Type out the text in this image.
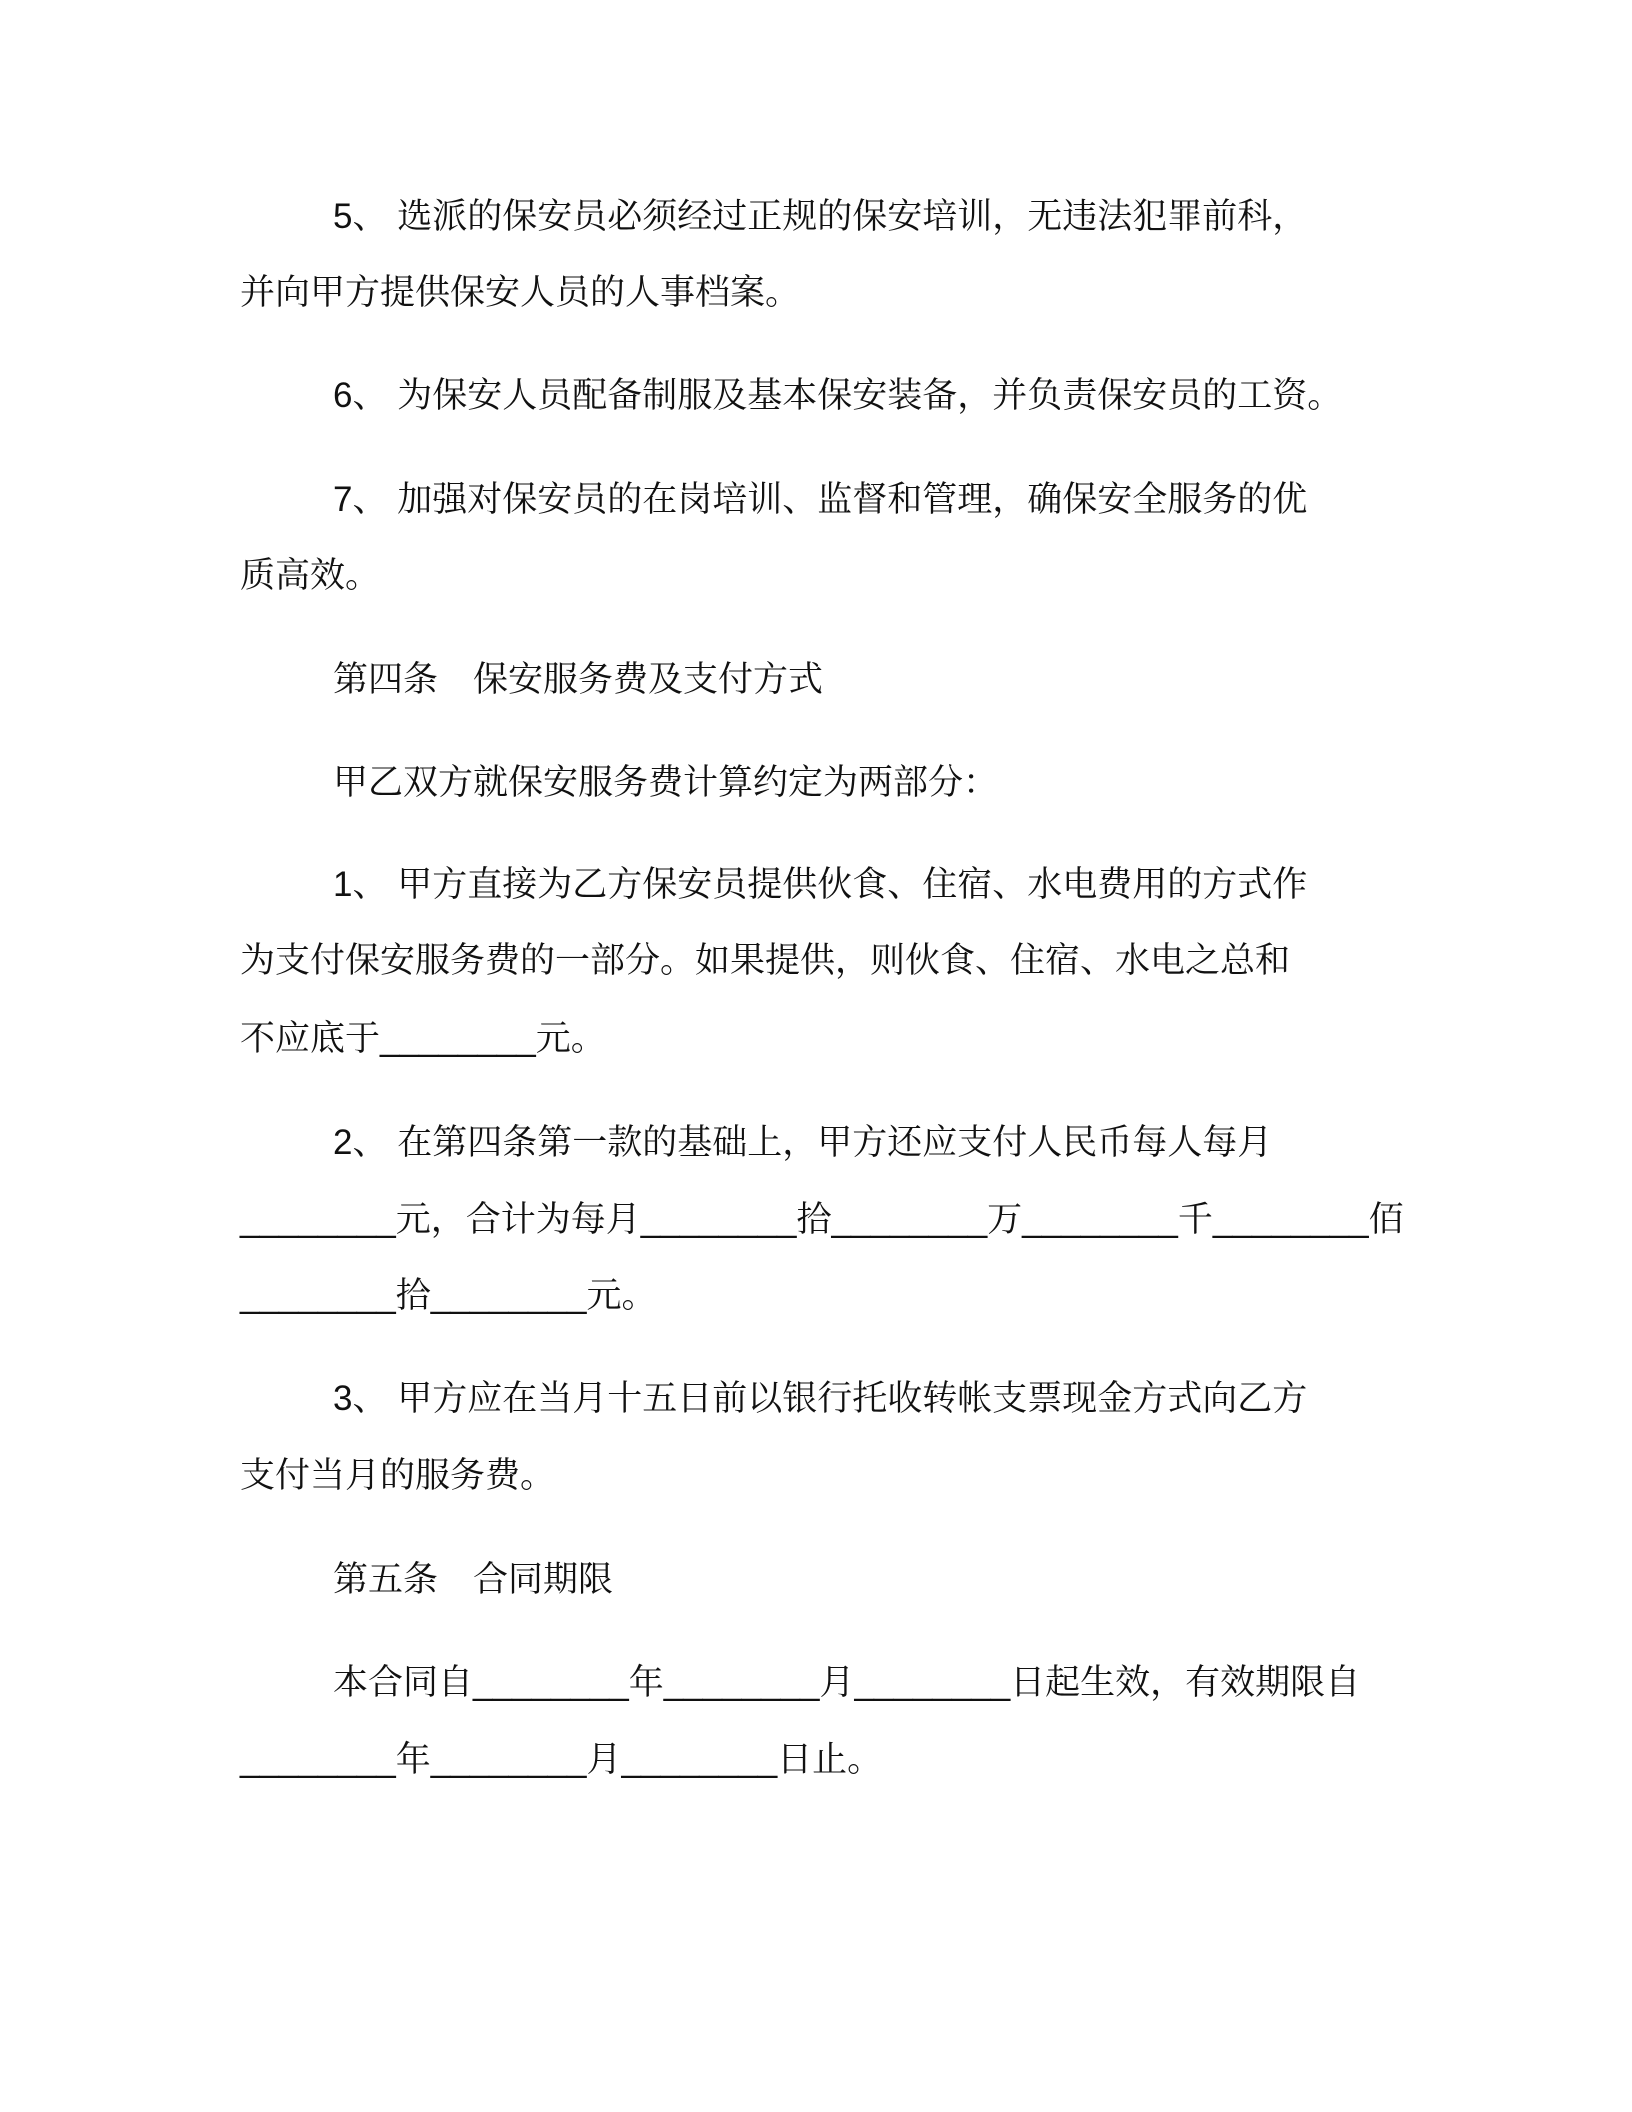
5、 选派的保安员必须经过正规的保安培训，无违法犯罪前科，
并向甲方提供保安人员的人事档案。
6、 为保安人员配备制服及基本保安装备，并负责保安员的工资。
7、 加强对保安员的在岗培训、监督和管理，确保安全服务的优
质高效。
第四条　保安服务费及支付方式
甲乙双方就保安服务费计算约定为两部分：
1、 甲方直接为乙方保安员提供伙食、住宿、水电费用的方式作
为支付保安服务费的一部分。如果提供，则伙食、住宿、水电之总和
不应底于________元。
2、 在第四条第一款的基础上，甲方还应支付人民币每人每月
________元，合计为每月________拾________万________千________佰
________拾________元。
3、 甲方应在当月十五日前以银行托收转帐支票现金方式向乙方
支付当月的服务费。
第五条　合同期限
本合同自________年________月________日起生效，有效期限自
________年________月________日止。
